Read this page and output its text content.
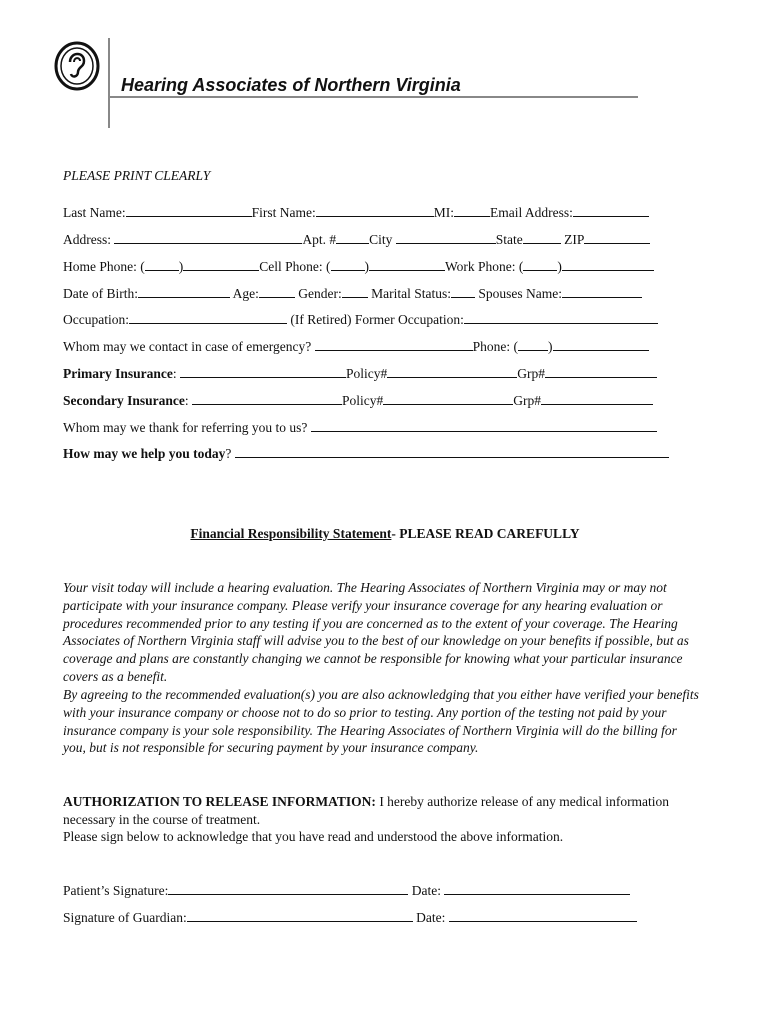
Hearing Associates of Northern Virginia
PLEASE PRINT CLEARLY
Last Name:	First Name:	MI:	Email Address:
Address:	Apt. # City	State	ZIP
Home Phone: (	)	Cell Phone: (	)	Work Phone: (	)
Date of Birth:	Age:	Gender: Marital Status: Spouses Name:
Occupation:	(If Retired) Former Occupation:
Whom may we contact in case of emergency?	Phone: ( )
Primary Insurance:	Policy#	Grp#
Secondary Insurance:	Policy#	Grp#
Whom may we thank for referring you to us?
How may we help you today?
Financial Responsibility Statement- PLEASE READ CAREFULLY
Your visit today will include a hearing evaluation. The Hearing Associates of Northern Virginia may or may not participate with your insurance company. Please verify your insurance coverage for any hearing evaluation or procedures recommended prior to any testing if you are concerned as to the extent of your coverage. The Hearing Associates of Northern Virginia staff will advise you to the best of our knowledge on your benefits if possible, but as coverage and plans are constantly changing we cannot be responsible for knowing what your particular insurance covers as a benefit.
By agreeing to the recommended evaluation(s) you are also acknowledging that you either have verified your benefits with your insurance company or choose not to do so prior to testing. Any portion of the testing not paid by your insurance company is your sole responsibility. The Hearing Associates of Northern Virginia will do the billing for you, but is not responsible for securing payment by your insurance company.
AUTHORIZATION TO RELEASE INFORMATION: I hereby authorize release of any medical information necessary in the course of treatment.
Please sign below to acknowledge that you have read and understood the above information.
Patient’s Signature:	Date:
Signature of Guardian:	Date:
